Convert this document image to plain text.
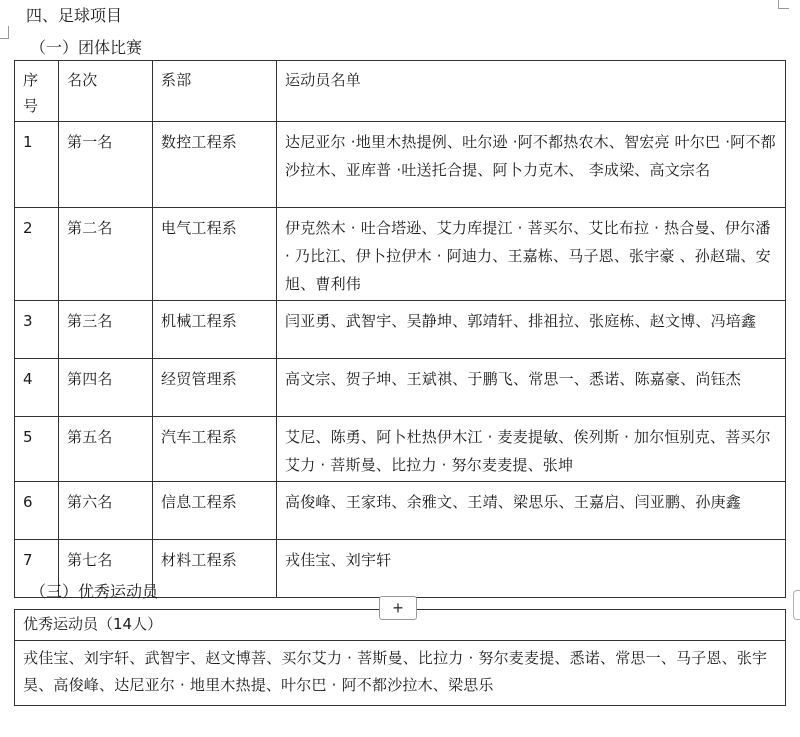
四、足球项目
（一）团体比赛
序号	名次	系部	运动员名单
1	第一名	数控工程系	达尼亚尔 ·地里木热提例、吐尔逊 ·阿不都热农木、智宏亮 叶尔巴 ·阿不都沙拉木、亚库普 ·吐送托合提、阿卜力克木、 李成梁、高文宗名
2	第二名	电气工程系	伊克然木 · 吐合塔逊、艾力库提江 · 菩买尔、艾比布拉 · 热合曼、伊尔潘 · 乃比江、伊卜拉伊木 · 阿迪力、王嘉栋、马子恩、张宇豪 、孙赵瑞、安旭、曹利伟
3	第三名	机械工程系	闫亚勇、武智宇、吴静坤、郭靖轩、排祖拉、张庭栋、赵文博、冯培鑫
4	第四名	经贸管理系	高文宗、贺子坤、王斌祺、于鹏飞、常思一、悉诺、陈嘉豪、尚钰杰
5	第五名	汽车工程系	艾尼、陈勇、阿卜杜热伊木江 · 麦麦提敏、俟列斯 · 加尔恒别克、菩买尔艾力 · 菩斯曼、比拉力 · 努尔麦麦提、张坤
6	第六名	信息工程系	高俊峰、王家玮、余雅文、王靖、梁思乐、王嘉启、闫亚鹏、孙庚鑫
7	第七名	材料工程系	戎佳宝、刘宇轩
（三）优秀运动员
优秀运动员（14人）
戎佳宝、刘宇轩、武智宇、赵文博菩、买尔艾力 · 菩斯曼、比拉力 · 努尔麦麦提、悉诺、常思一、马子恩、张宇昊、高俊峰、达尼亚尔 · 地里木热提、叶尔巴 · 阿不都沙拉木、梁思乐
+
